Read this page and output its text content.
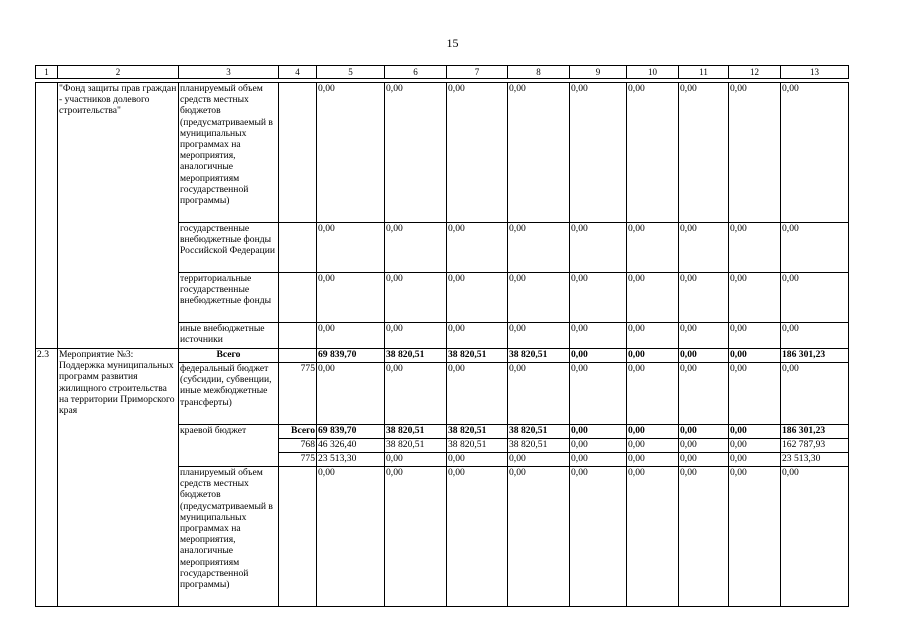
15
1	2	3	4	5	6	7	8	9	10	11	12	13

	"Фонд защиты прав граждан - участников долевого строительства"	планируемый объем средств местных бюджетов (предусматриваемый в муниципальных программах на мероприятия, аналогичные мероприятиям государственной программы)		0,00	0,00	0,00	0,00	0,00	0,00	0,00	0,00	0,00
		государственные внебюджетные фонды Российской Федерации		0,00	0,00	0,00	0,00	0,00	0,00	0,00	0,00	0,00
		территориальные государственные внебюджетные фонды		0,00	0,00	0,00	0,00	0,00	0,00	0,00	0,00	0,00
		иные внебюджетные источники		0,00	0,00	0,00	0,00	0,00	0,00	0,00	0,00	0,00
2.3	Мероприятие №3: Поддержка муниципальных программ развития жилищного строительства на территории Приморского края	Всего		69 839,70	38 820,51	38 820,51	38 820,51	0,00	0,00	0,00	0,00	186 301,23
		федеральный бюджет (субсидии, субвенции, иные межбюджетные трансферты)	775	0,00	0,00	0,00	0,00	0,00	0,00	0,00	0,00	0,00
		краевой бюджет	Всего	69 839,70	38 820,51	38 820,51	38 820,51	0,00	0,00	0,00	0,00	186 301,23
			768	46 326,40	38 820,51	38 820,51	38 820,51	0,00	0,00	0,00	0,00	162 787,93
			775	23 513,30	0,00	0,00	0,00	0,00	0,00	0,00	0,00	23 513,30
		планируемый объем средств местных бюджетов (предусматриваемый в муниципальных программах на мероприятия, аналогичные мероприятиям государственной программы)		0,00	0,00	0,00	0,00	0,00	0,00	0,00	0,00	0,00
